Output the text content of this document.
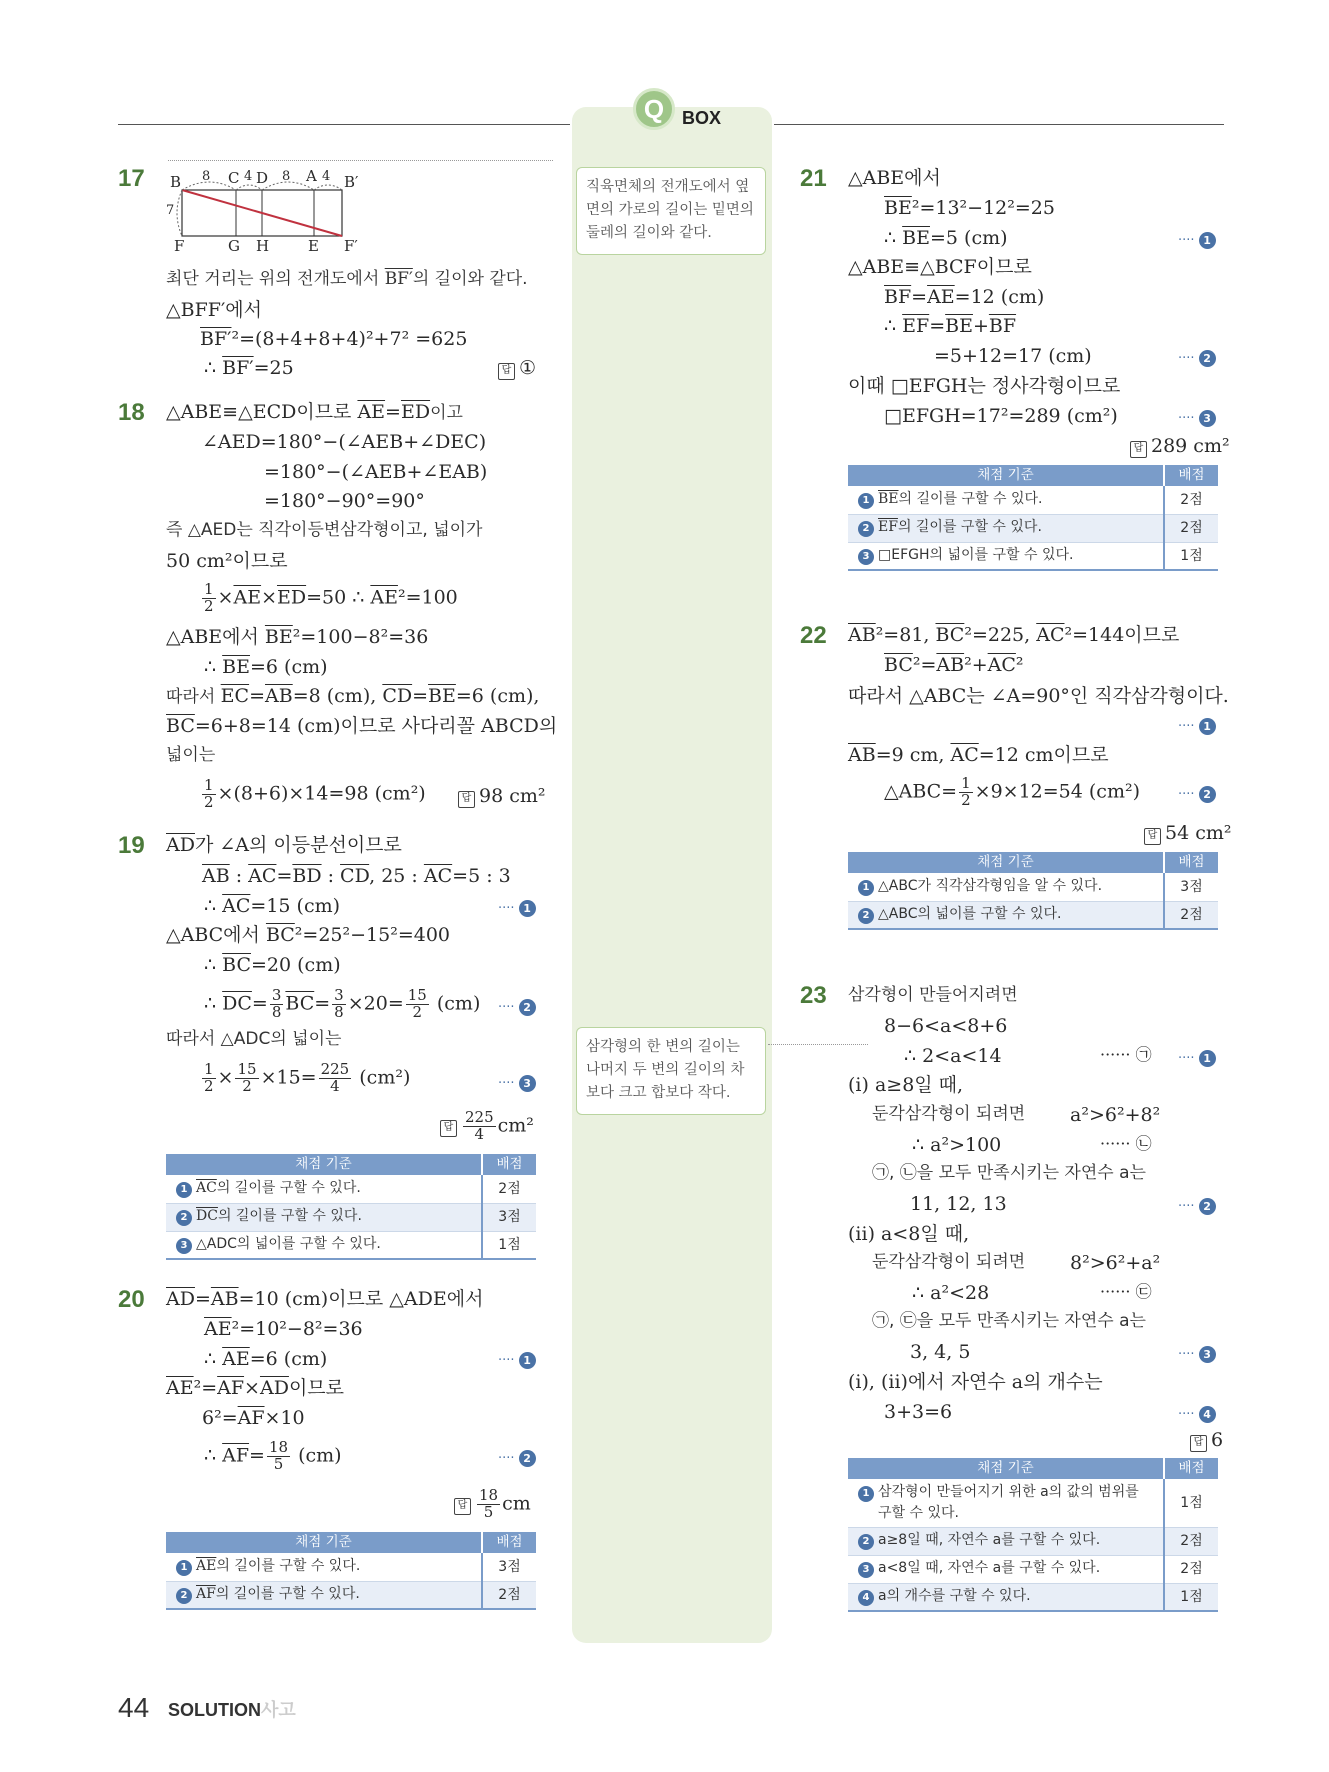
Q BOX
직육면체의 전개도에서 옆면의 가로의 길이는 밑면의 둘레의 길이와 같다.
삼각형의 한 변의 길이는 나머지 두 변의 길이의 차보다 크고 합보다 작다.
17 B 8 C 4 D 8 A 4 B′
7
F	G H	E F′
최단 거리는 위의 전개도에서 BF′의 길이와 같다.
△BFF′에서
BF′²=(8+4+8+4)²+7² =625
∴ BF′=25	답 ①
18 △ABE≡△ECD이므로 $\overline{AE}=\overline{ED}$이고
∠AED=180°−(∠AEB+∠DEC)
=180°−(∠AEB+∠EAB)
=180°−90°=90°
즉 △AED는 직각이등변삼각형이고, 넓이가
50 cm²이므로
$\frac{1}{2} \times\overline{AE}\times\overline{ED}=50$ ∴ $\overline{AE}^2=100$
△ABE에서 $\overline{BE}^2=100-8^2=36$
∴ $\overline{BE}=6$ (cm)
따라서 $\overline{EC}=\overline{AB}=8$ (cm), $\overline{CD}=\overline{BE}=6$ (cm),
$\overline{BC}=6+8=14$ (cm)이므로 사다리꼴 ABCD의
넓이는
$\frac{1}{2} \times(8+6)\times 14=98$ (cm²)	답 98 cm²
19 $\overline{AD}$가 ∠A의 이등분선이므로
$\overline{AB}$ : $\overline{AC}=\overline{BD}$ : $\overline{CD}$, 25 : $\overline{AC}=5$ : 3
∴ $\overline{AC}=15$ (cm)	···· 1
△ABC에서 $\overline{BC}^2=25^2-15^2=400$
∴ $\overline{BC}=20$ (cm)
∴ $\overline{DC}= \frac{3}{8} \overline{BC}= \frac{3}{8} \times 20= \frac{15}{2} (cm)$ ···· 2
따라서 △ADC의 넓이는
$\frac{1}{2} \times \frac{15}{2} \times 15= \frac{225}{4} (cm^2)$	···· 3
답 $\frac{225}{4} cm^2$
채점 기준	배점
1 $\overline{AC}$의 길이를 구할 수 있다.	2점
2 $\overline{DC}$의 길이를 구할 수 있다.	3점
3 △ADC의 넓이를 구할 수 있다.	1점
20 $\overline{AD}=\overline{AB}=10$ (cm)이므로 △ADE에서
$\overline{AE}^2=10^2-8^2=36$
∴ $\overline{AE}=6$ (cm)	···· 1
$\overline{AE}^2=\overline{AF}\times\overline{AD}$이므로
$6^2=\overline{AF}\times 10$
∴ $\overline{AF}= \frac{18}{5} (cm)$	···· 2
답 $\frac{18}{5}$ cm
채점 기준	배점
1 $\overline{AE}$의 길이를 구할 수 있다.	3점
2 $\overline{AF}$의 길이를 구할 수 있다.	2점
21 △ABE에서
$\overline{BE}^2=13^2-12^2=25$
∴ $\overline{BE}=5$ (cm)	···· 1
△ABE≡△BCF이므로
$\overline{BF}=\overline{AE}=12$ (cm)
∴ $\overline{EF}=\overline{BE}+\overline{BF}$
=5+12=17 (cm)	···· 2
이때 □EFGH는 정사각형이므로
□EFGH=17²=289 (cm²)	···· 3
답 289 cm²
채점 기준	배점
1 $\overline{BE}$의 길이를 구할 수 있다.	2점
2 $\overline{EF}$의 길이를 구할 수 있다.	2점
3 □EFGH의 넓이를 구할 수 있다.	1점
22 $\overline{AB}^2=81$, $\overline{BC}^2=225$, $\overline{AC}^2=144$이므로
$\overline{BC}^2=\overline{AB}^2+\overline{AC}^2$
따라서 △ABC는 ∠A=90°인 직각삼각형이다.
···· 1
$\overline{AB}=9$ cm, $\overline{AC}=12$ cm이므로
△ABC= $\frac{1}{2} \times 9\times 12=54$ (cm²)	···· 2
답 54 cm²
채점 기준	배점
1 △ABC가 직각삼각형임을 알 수 있다.	3점
2 △ABC의 넓이를 구할 수 있다.	2점
23 삼각형이 만들어지려면
8−6<a<8+6
∴ 2<a<14	······ ㉠ ···· 1
(i) a≥8일 때,
둔각삼각형이 되려면 a²>6²+8²
∴ a²>100	······ ㉡
㉠, ㉡을 모두 만족시키는 자연수 a는
11, 12, 13	···· 2
(ii) a<8일 때,
둔각삼각형이 되려면 8²>6²+a²
∴ a²<28	······ ㉢
㉠, ㉢을 모두 만족시키는 자연수 a는
3, 4, 5	···· 3
(i), (ii)에서 자연수 a의 개수는
3+3=6	···· 4
답 6
채점 기준	배점
1 삼각형이 만들어지기 위한 a의 값의 범위를
구할 수 있다.	1점
2 a≥8일 때, 자연수 a를 구할 수 있다.	2점
3 a<8일 때, 자연수 a를 구할 수 있다.	2점
4 a의 개수를 구할 수 있다.	1점
44 SOLUTION사고
